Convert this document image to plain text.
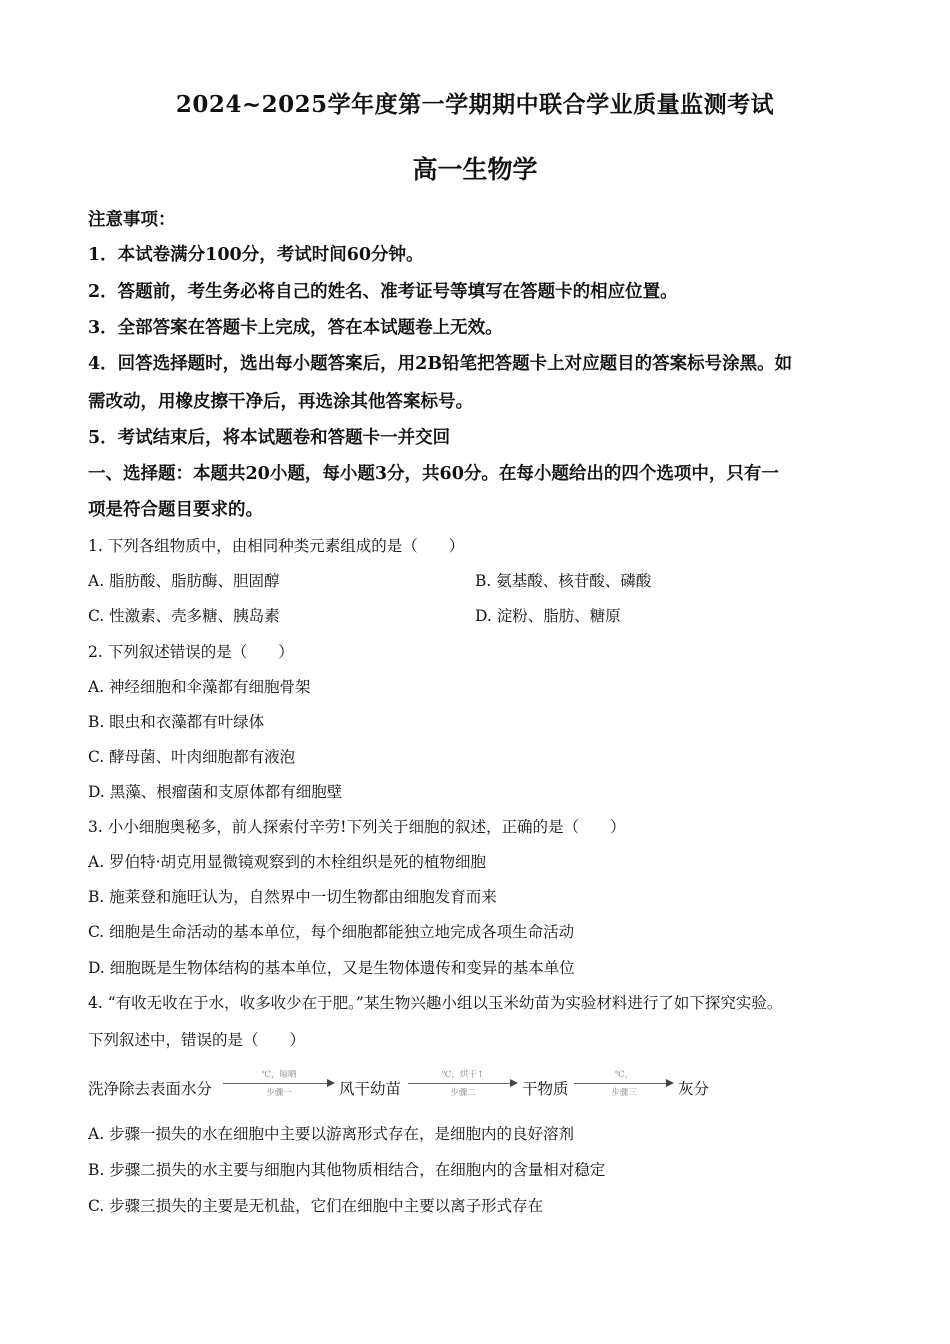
2024~2025学年度第一学期期中联合学业质量监测考试
高一生物学
注意事项：
1．本试卷满分100分，考试时间60分钟。
2．答题前，考生务必将自己的姓名、准考证号等填写在答题卡的相应位置。
3．全部答案在答题卡上完成，答在本试题卷上无效。
4．回答选择题时，选出每小题答案后，用2B铅笔把答题卡上对应题目的答案标号涂黑。如
需改动，用橡皮擦干净后，再选涂其他答案标号。
5．考试结束后，将本试题卷和答题卡一并交回
一、选择题：本题共20小题，每小题3分，共60分。在每小题给出的四个选项中，只有一
项是符合题目要求的。
1. 下列各组物质中，由相同种类元素组成的是（　　）
A. 脂肪酸、脂肪酶、胆固醇	B. 氨基酸、核苷酸、磷酸
C. 性激素、壳多糖、胰岛素	D. 淀粉、脂肪、糖原
2. 下列叙述错误的是（　　）
A. 神经细胞和伞藻都有细胞骨架
B. 眼虫和衣藻都有叶绿体
C. 酵母菌、叶肉细胞都有液泡
D. 黑藻、根瘤菌和支原体都有细胞壁
3. 小小细胞奥秘多，前人探索付辛劳!下列关于细胞的叙述，正确的是（　　）
A. 罗伯特·胡克用显微镜观察到的木栓组织是死的植物细胞
B. 施莱登和施旺认为，自然界中一切生物都由细胞发育而来
C. 细胞是生命活动的基本单位，每个细胞都能独立地完成各项生命活动
D. 细胞既是生物体结构的基本单位，又是生物体遗传和变异的基本单位
4. “有收无收在于水，收多收少在于肥。”某生物兴趣小组以玉米幼苗为实验材料进行了如下探究实验。
下列叙述中，错误的是（　　）
洗净除去表面水分
℃，晾晒
步骤一	风干幼苗
℃，烘干↑
步骤二	干物质
℃，
步骤三	灰分
A. 步骤一损失的水在细胞中主要以游离形式存在，是细胞内的良好溶剂
B. 步骤二损失的水主要与细胞内其他物质相结合，在细胞内的含量相对稳定
C. 步骤三损失的主要是无机盐，它们在细胞中主要以离子形式存在
